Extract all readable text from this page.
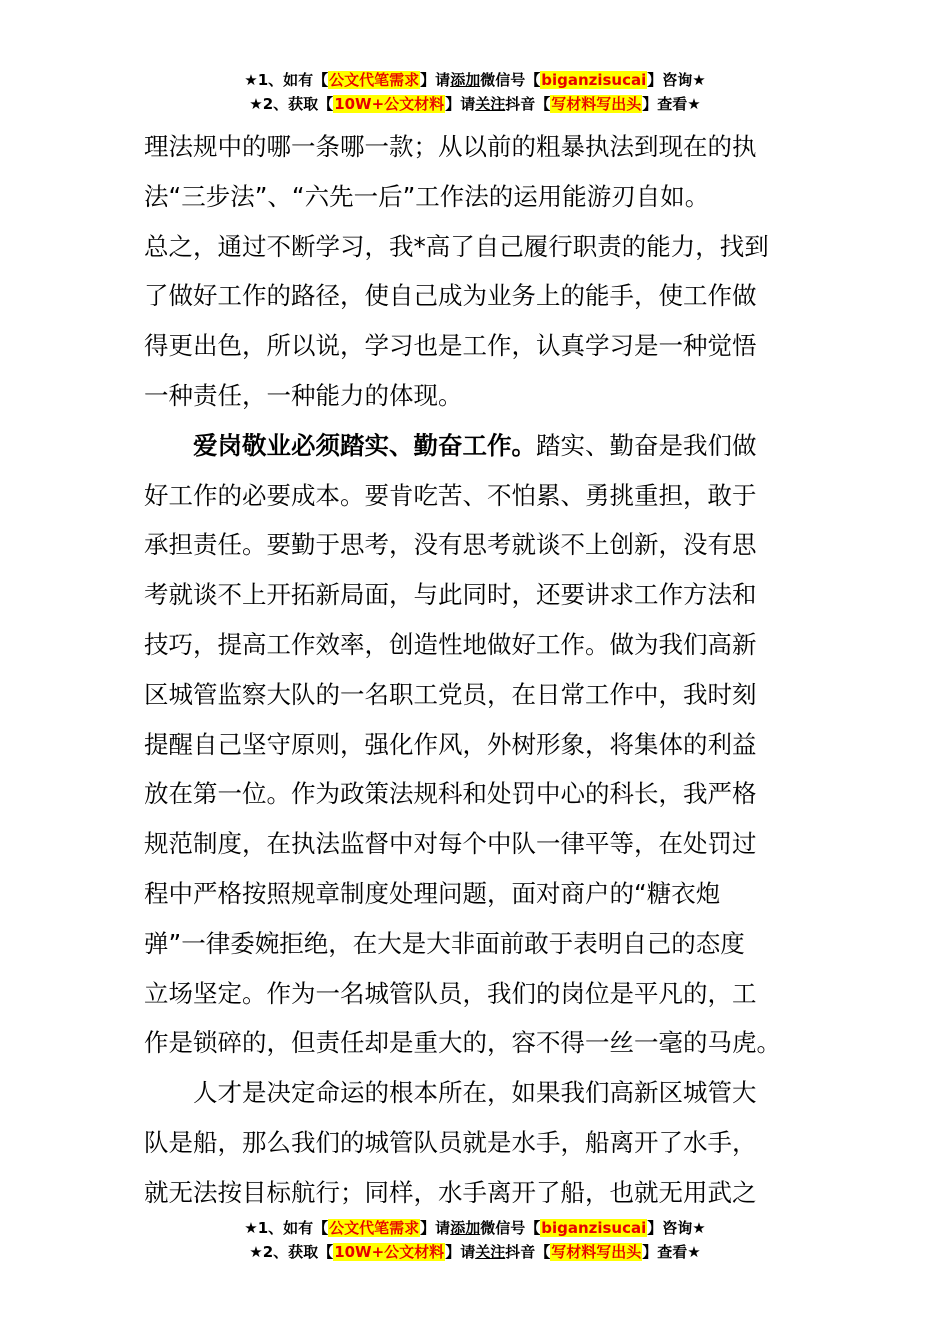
★1、如有【公文代笔需求】请添加微信号【biganzisucai】咨询★
★2、获取【10W+公文材料】请关注抖音【写材料写出头】查看★

理法规中的哪一条哪一款；从以前的粗暴执法到现在的执
法“三步法”、“六先一后”工作法的运用能游刃自如。
总之，通过不断学习，我*高了自己履行职责的能力，找到
了做好工作的路径，使自己成为业务上的能手，使工作做
得更出色，所以说，学习也是工作，认真学习是一种觉悟
一种责任，一种能力的体现。

爱岗敬业必须踏实、勤奋工作。踏实、勤奋是我们做
好工作的必要成本。要肯吃苦、不怕累、勇挑重担，敢于
承担责任。要勤于思考，没有思考就谈不上创新，没有思
考就谈不上开拓新局面，与此同时，还要讲求工作方法和
技巧，提高工作效率，创造性地做好工作。做为我们高新
区城管监察大队的一名职工党员，在日常工作中，我时刻
提醒自己坚守原则，强化作风，外树形象，将集体的利益
放在第一位。作为政策法规科和处罚中心的科长，我严格
规范制度，在执法监督中对每个中队一律平等，在处罚过
程中严格按照规章制度处理问题，面对商户的“糖衣炮
弹”一律委婉拒绝，在大是大非面前敢于表明自己的态度
立场坚定。作为一名城管队员，我们的岗位是平凡的，工
作是锁碎的，但责任却是重大的，容不得一丝一毫的马虎。

人才是决定命运的根本所在，如果我们高新区城管大
队是船，那么我们的城管队员就是水手，船离开了水手，
就无法按目标航行；同样，水手离开了船，也就无用武之

★1、如有【公文代笔需求】请添加微信号【biganzisucai】咨询★
★2、获取【10W+公文材料】请关注抖音【写材料写出头】查看★
